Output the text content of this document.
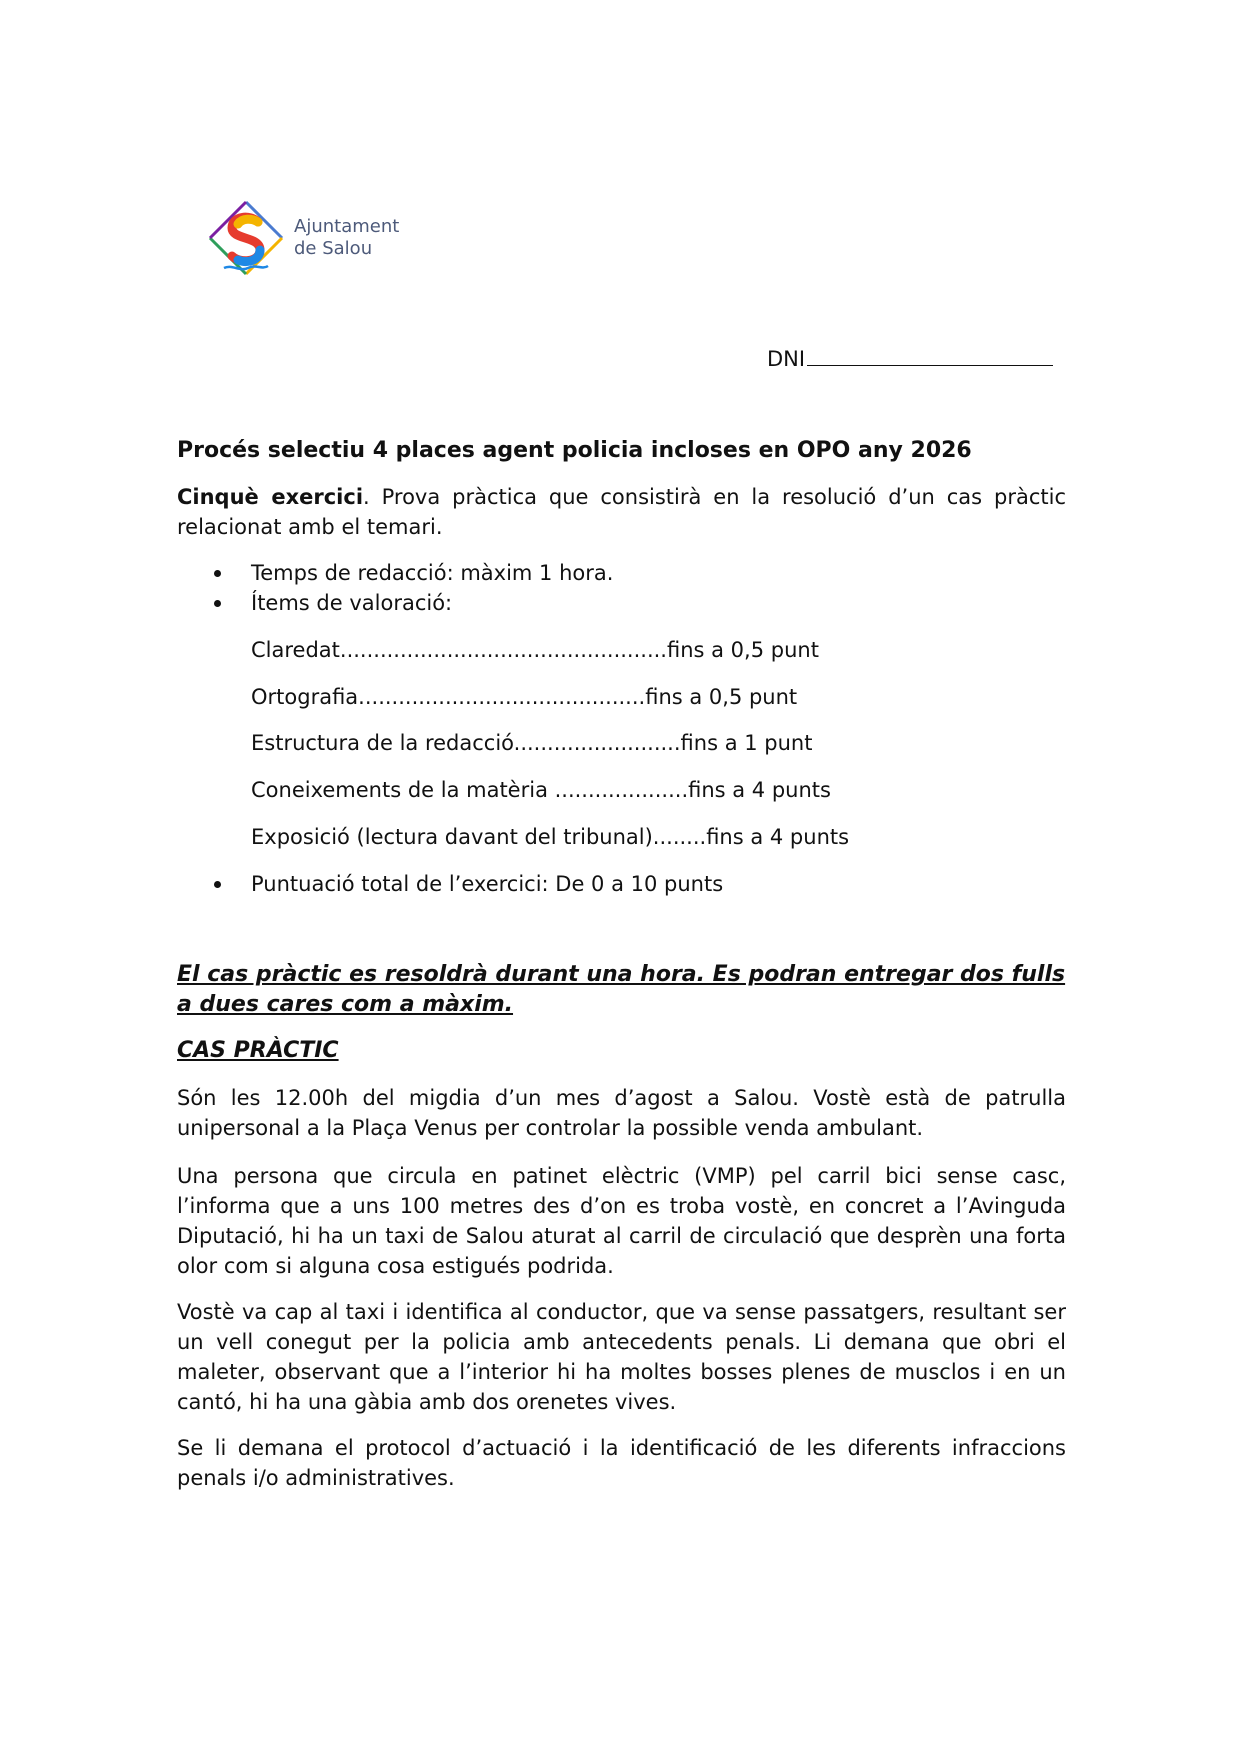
Ajuntament
de Salou
DNI
Procés selectiu 4 places agent policia incloses en OPO any 2026
Cinquè exercici. Prova pràctica que consistirà en la resolució d’un cas pràctic relacionat amb el temari.
Temps de redacció: màxim 1 hora.
Ítems de valoració:
Claredat.................................................fins a 0,5 punt
Ortografia...........................................fins a 0,5 punt
Estructura de la redacció.........................fins a 1 punt
Coneixements de la matèria ....................fins a 4 punts
Exposició (lectura davant del tribunal)........fins a 4 punts
Puntuació total de l’exercici: De 0 a 10 punts
El cas pràctic es resoldrà durant una hora. Es podran entregar dos fulls a dues cares com a màxim.
CAS PRÀCTIC
Són les 12.00h del migdia d’un mes d’agost a Salou. Vostè està de patrulla unipersonal a la Plaça Venus per controlar la possible venda ambulant.
Una persona que circula en patinet elèctric (VMP) pel carril bici sense casc, l’informa que a uns 100 metres des d’on es troba vostè, en concret a l’Avinguda Diputació, hi ha un taxi de Salou aturat al carril de circulació que desprèn una forta olor com si alguna cosa estigués podrida.
Vostè va cap al taxi i identifica al conductor, que va sense passatgers, resultant ser un vell conegut per la policia amb antecedents penals. Li demana que obri el maleter, observant que a l’interior hi ha moltes bosses plenes de musclos i en un cantó, hi ha una gàbia amb dos orenetes vives.
Se li demana el protocol d’actuació i la identificació de les diferents infraccions penals i/o administratives.
